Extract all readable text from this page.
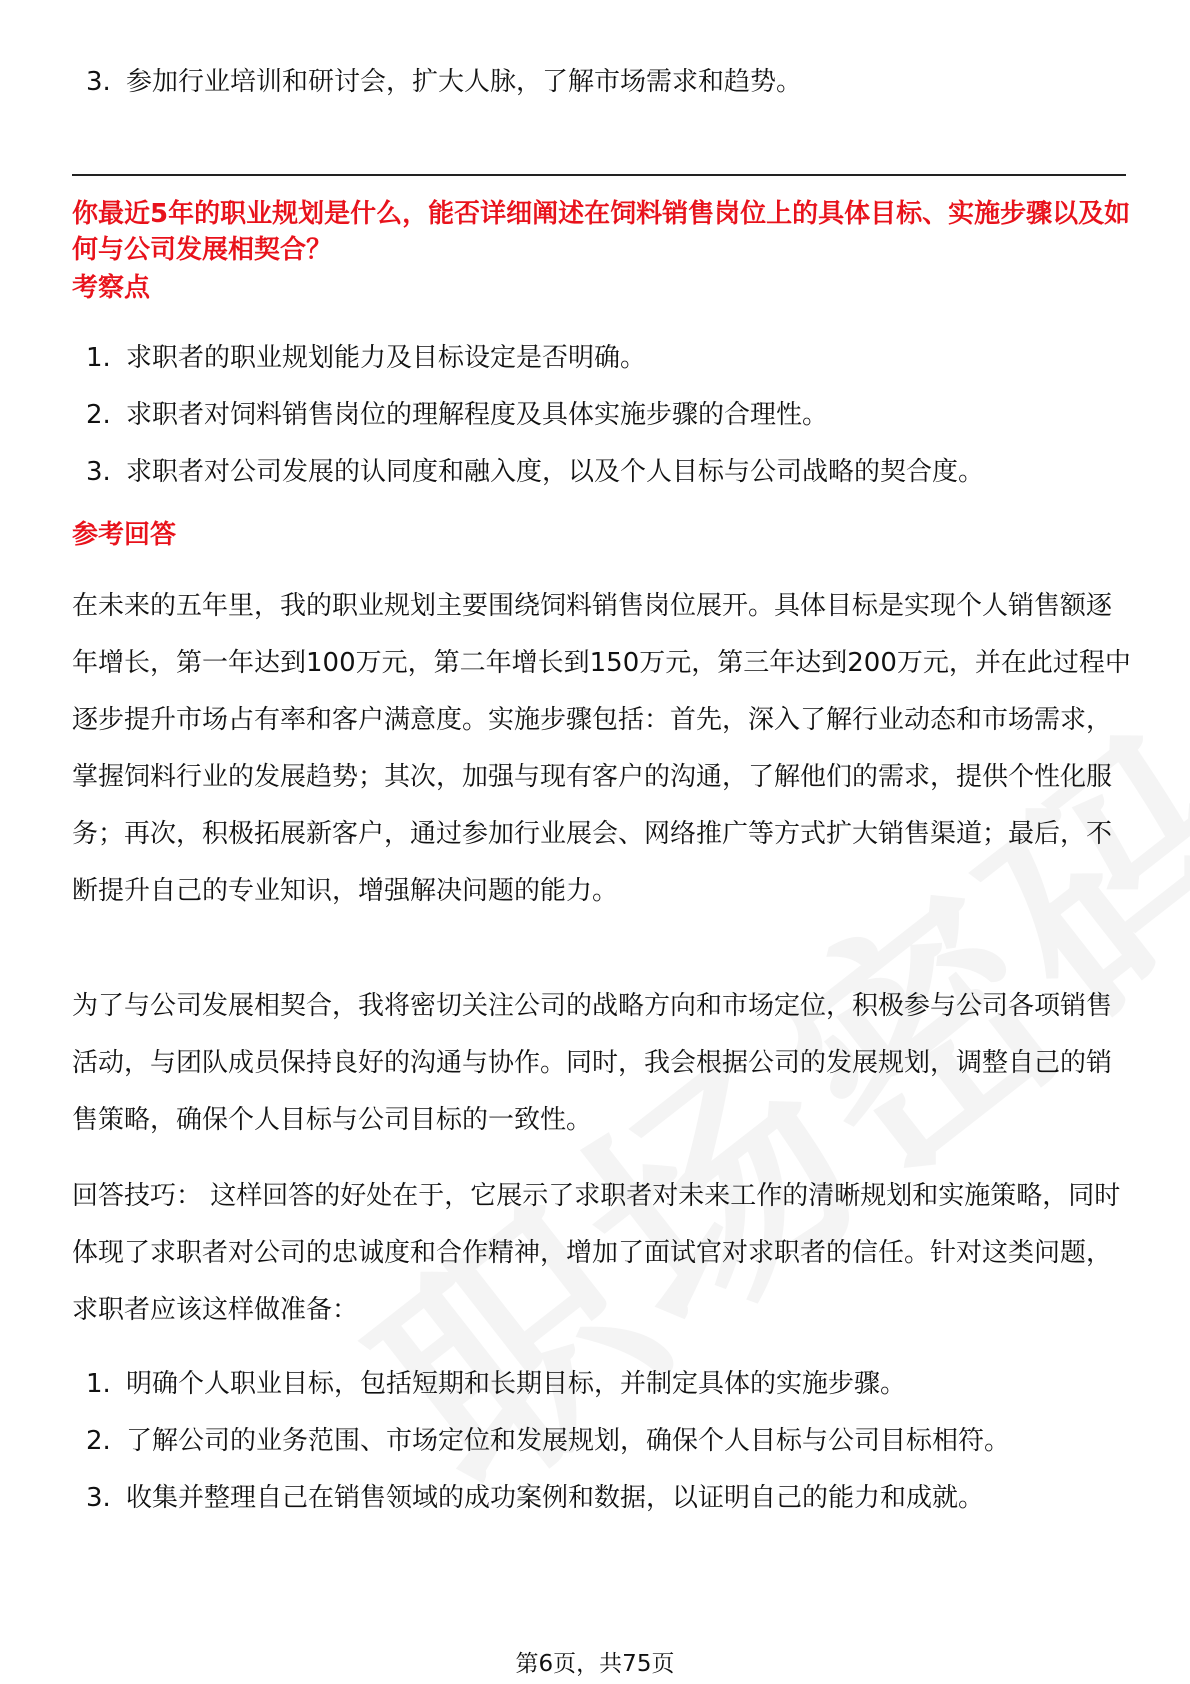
3. 参加行业培训和研讨会，扩大人脉，了解市场需求和趋势。
你最近5年的职业规划是什么，能否详细阐述在饲料销售岗位上的具体目标、实施步骤以及如何与公司发展相契合？
考察点
1. 求职者的职业规划能力及目标设定是否明确。
2. 求职者对饲料销售岗位的理解程度及具体实施步骤的合理性。
3. 求职者对公司发展的认同度和融入度，以及个人目标与公司战略的契合度。
参考回答
在未来的五年里，我的职业规划主要围绕饲料销售岗位展开。具体目标是实现个人销售额逐年增长，第一年达到100万元，第二年增长到150万元，第三年达到200万元，并在此过程中逐步提升市场占有率和客户满意度。实施步骤包括：首先，深入了解行业动态和市场需求，掌握饲料行业的发展趋势；其次，加强与现有客户的沟通，了解他们的需求，提供个性化服务；再次，积极拓展新客户，通过参加行业展会、网络推广等方式扩大销售渠道；最后，不断提升自己的专业知识，增强解决问题的能力。
为了与公司发展相契合，我将密切关注公司的战略方向和市场定位，积极参与公司各项销售活动，与团队成员保持良好的沟通与协作。同时，我会根据公司的发展规划，调整自己的销售策略，确保个人目标与公司目标的一致性。
回答技巧： 这样回答的好处在于，它展示了求职者对未来工作的清晰规划和实施策略，同时体现了求职者对公司的忠诚度和合作精神，增加了面试官对求职者的信任。针对这类问题，求职者应该这样做准备：
1. 明确个人职业目标，包括短期和长期目标，并制定具体的实施步骤。
2. 了解公司的业务范围、市场定位和发展规划，确保个人目标与公司目标相符。
3. 收集并整理自己在销售领域的成功案例和数据，以证明自己的能力和成就。
第6页，共75页
